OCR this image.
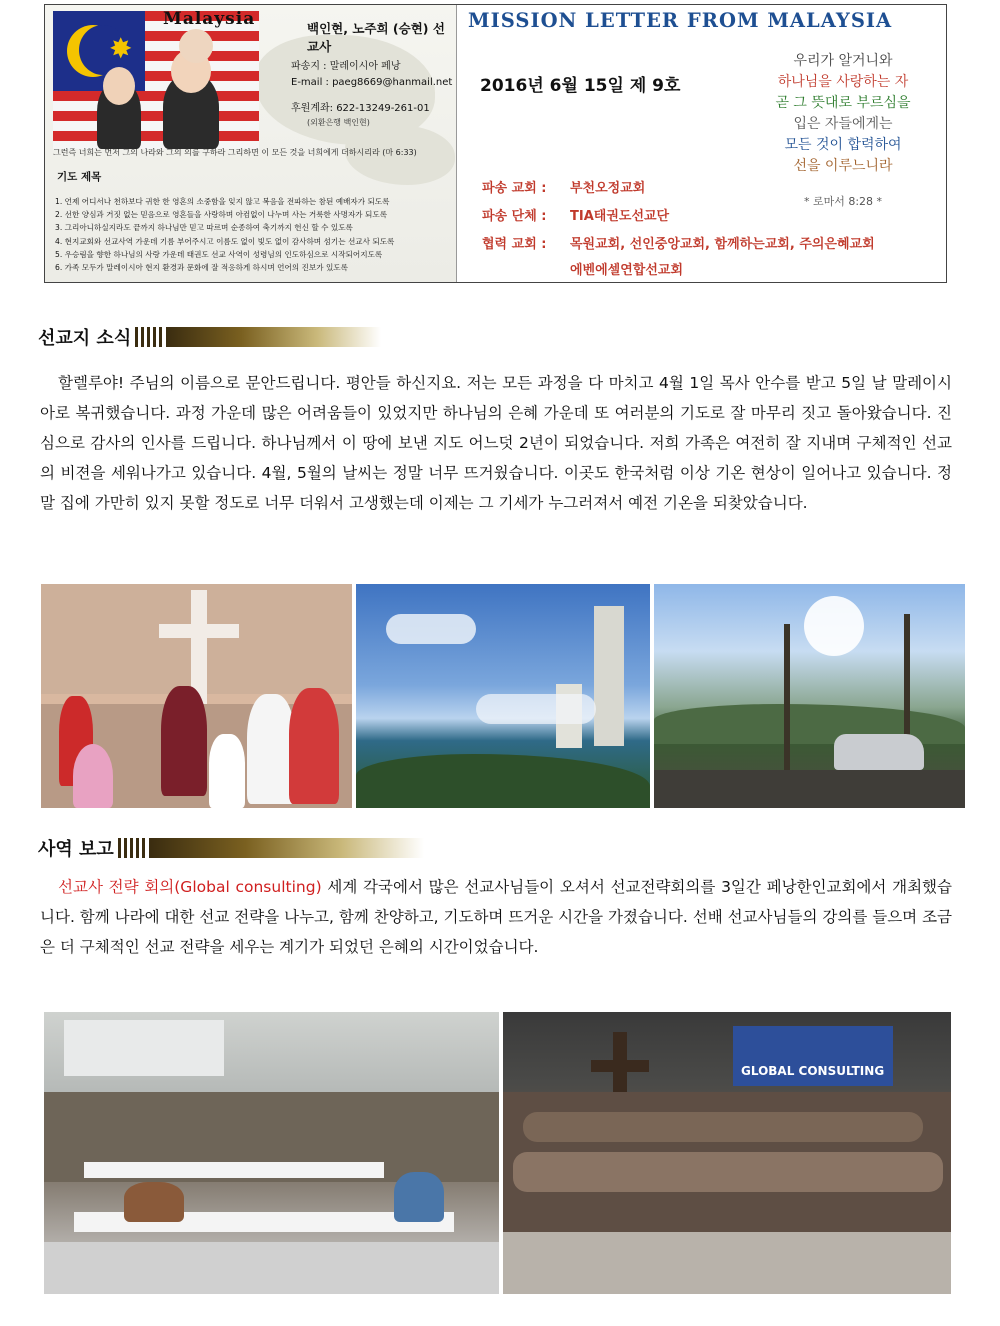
✸
Malaysia	백인현, 노주희 (승현) 선교사
파송지 : 말레이시아 페낭
E-mail : paeg8669@hanmail.net
후원계좌: 622-13249-261-01
(외환은행 백인현)
그런즉 너희는 먼저 그의 나라와 그의 의를 구하라 그리하면 이 모든 것을 너희에게 더하시리라 (마 6:33)
기도 제목
1. 언제 어디서나 천하보다 귀한 한 영혼의 소중함을 잊지 않고 복음을 전파하는 참된 예배자가 되도록
2. 선한 양심과 거짓 없는 믿음으로 영혼들을 사랑하며 아컴없이 나누며 사는 거룩한 사명자가 되도록
3. 그리아니하실지라도 끝까지 하나님만 믿고 따르며 순종하여 축기까지 헌신 할 수 있도록
4. 현지교회와 선교사역 가운데 기름 부어주시고 이름도 없이 빛도 없이 감사하며 섬기는 선교사 되도록
5. 우승림을 향한 하나님의 사랑 가운데 태권도 선교 사역이 성령님의 인도하심으로 시작되어지도록
6. 가족 모두가 말레이시아 현지 환경과 문화에 잘 적응하게 하시며 언어의 진보가 있도록
MISSION LETTER FROM MALAYSIA
2016년 6월 15일 제 9호
우리가 알거니와
하나님을 사랑하는 자
곧 그 뜻대로 부르심을
입은 자들에게는
모든 것이 합력하여
선을 이루느니라
* 로마서 8:28 *
파송 교회 : 부천오정교회
파송 단체 : TIA태권도선교단
협력 교회 : 목원교회, 선인중앙교회, 함께하는교회, 주의은혜교회
에벤에셀연합선교회
선교지 소식
할렐루야! 주님의 이름으로 문안드립니다. 평안들 하신지요. 저는 모든 과정을 다 마치고 4월 1일 목사 안수를 받고 5일 날 말레이시아로 복귀했습니다. 과정 가운데 많은 어려움들이 있었지만 하나님의 은혜 가운데 또 여러분의 기도로 잘 마무리 짓고 돌아왔습니다. 진심으로 감사의 인사를 드립니다. 하나님께서 이 땅에 보낸 지도 어느덧 2년이 되었습니다. 저희 가족은 여전히 잘 지내며 구체적인 선교의 비젼을 세워나가고 있습니다. 4월, 5월의 날씨는 정말 너무 뜨거웠습니다. 이곳도 한국처럼 이상 기온 현상이 일어나고 있습니다. 정말 집에 가만히 있지 못할 정도로 너무 더워서 고생했는데 이제는 그 기세가 누그러져서 예전 기온을 되찾았습니다.
사역 보고
선교사 전략 회의(Global consulting) 세계 각국에서 많은 선교사님들이 오셔서 선교전략회의를 3일간 페낭한인교회에서 개최했습니다. 함께 나라에 대한 선교 전략을 나누고, 함께 찬양하고, 기도하며 뜨거운 시간을 가졌습니다. 선배 선교사님들의 강의를 들으며 조금은 더 구체적인 선교 전략을 세우는 계기가 되었던 은혜의 시간이었습니다.
GLOBAL CONSULTING
